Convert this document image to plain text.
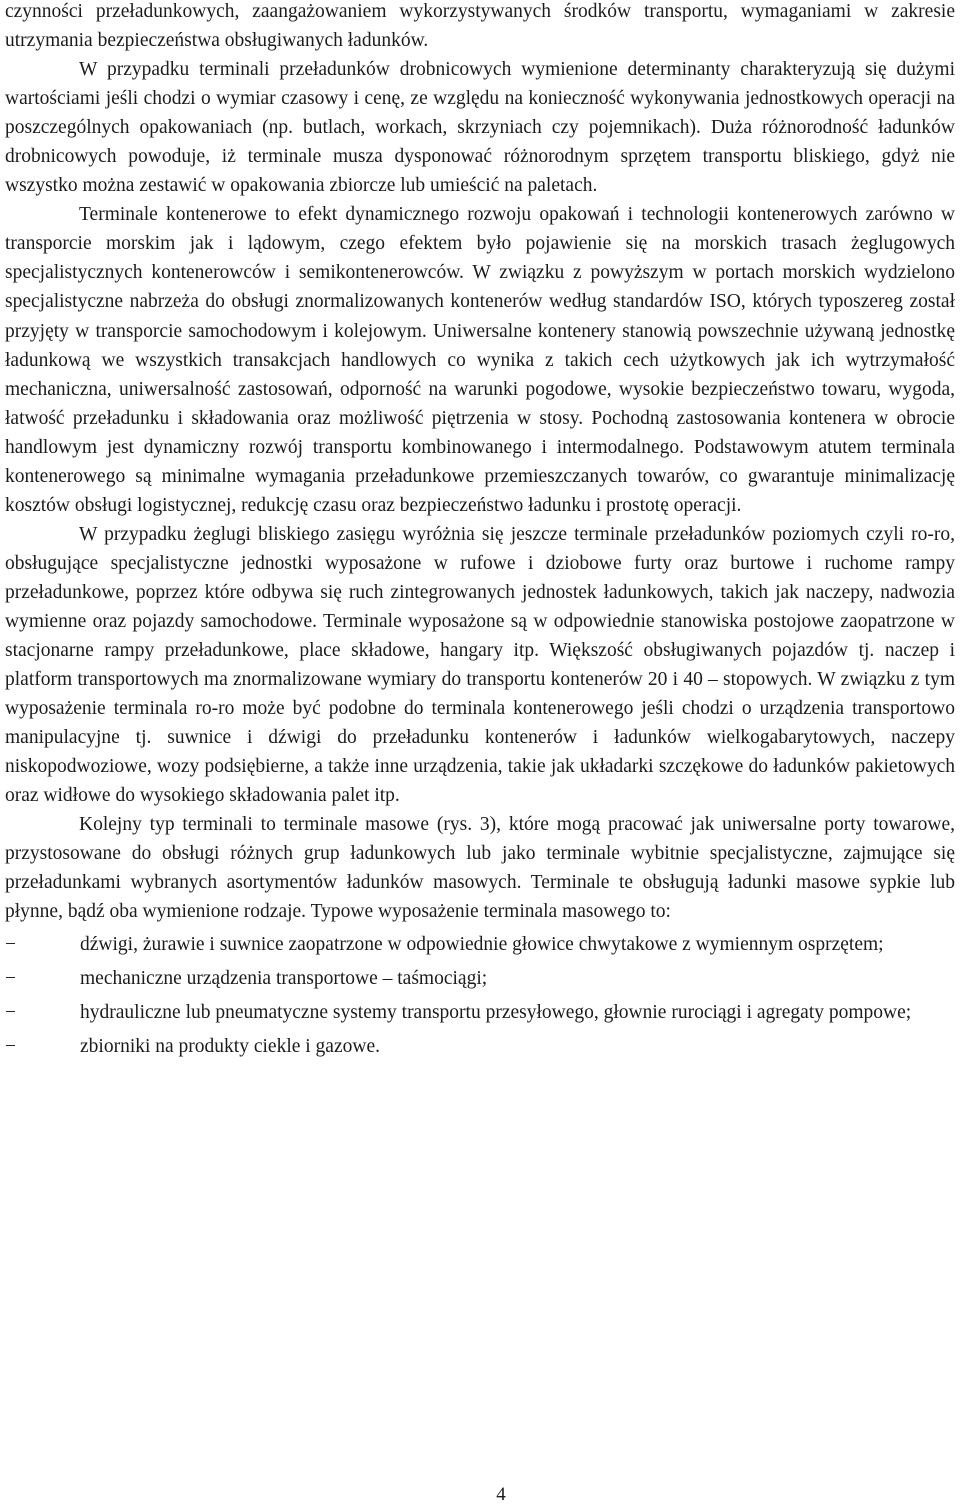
czynności przeładunkowych, zaangażowaniem wykorzystywanych środków transportu, wymaganiami w zakresie utrzymania bezpieczeństwa obsługiwanych ładunków.

W przypadku terminali przeładunków drobnicowych wymienione determinanty charakteryzują się dużymi wartościami jeśli chodzi o wymiar czasowy i cenę, ze względu na konieczność wykonywania jednostkowych operacji na poszczególnych opakowaniach (np. butlach, workach, skrzyniach czy pojemnikach). Duża różnorodność ładunków drobnicowych powoduje, iż terminale musza dysponować różnorodnym sprzętem transportu bliskiego, gdyż nie wszystko można zestawić w opakowania zbiorcze lub umieścić na paletach.

Terminale kontenerowe to efekt dynamicznego rozwoju opakowań i technologii kontenerowych zarówno w transporcie morskim jak i lądowym, czego efektem było pojawienie się na morskich trasach żeglugowych specjalistycznych kontenerowców i semikontenerowców. W związku z powyższym w portach morskich wydzielono specjalistyczne nabrzeża do obsługi znormalizowanych kontenerów według standardów ISO, których typoszereg został przyjęty w transporcie samochodowym i kolejowym. Uniwersalne kontenery stanowią powszechnie używaną jednostkę ładunkową we wszystkich transakcjach handlowych co wynika z takich cech użytkowych jak ich wytrzymałość mechaniczna, uniwersalność zastosowań, odporność na warunki pogodowe, wysokie bezpieczeństwo towaru, wygoda, łatwość przeładunku i składowania oraz możliwość piętrzenia w stosy. Pochodną zastosowania kontenera w obrocie handlowym jest dynamiczny rozwój transportu kombinowanego i intermodalnego. Podstawowym atutem terminala kontenerowego są minimalne wymagania przeładunkowe przemieszczanych towarów, co gwarantuje minimalizację kosztów obsługi logistycznej, redukcję czasu oraz bezpieczeństwo ładunku i prostotę operacji.

W przypadku żeglugi bliskiego zasięgu wyróżnia się jeszcze terminale przeładunków poziomych czyli ro-ro, obsługujące specjalistyczne jednostki wyposażone w rufowe i dziobowe furty oraz burtowe i ruchome rampy przeładunkowe, poprzez które odbywa się ruch zintegrowanych jednostek ładunkowych, takich jak naczepy, nadwozia wymienne oraz pojazdy samochodowe. Terminale wyposażone są w odpowiednie stanowiska postojowe zaopatrzone w stacjonarne rampy przeładunkowe, place składowe, hangary itp. Większość obsługiwanych pojazdów tj. naczep i platform transportowych ma znormalizowane wymiary do transportu kontenerów 20 i 40 – stopowych. W związku z tym wyposażenie terminala ro-ro może być podobne do terminala kontenerowego jeśli chodzi o urządzenia transportowo manipulacyjne tj. suwnice i dźwigi do przeładunku kontenerów i ładunków wielkogabarytowych, naczepy niskopodwoziowe, wozy podsiębierne, a także inne urządzenia, takie jak układarki szczękowe do ładunków pakietowych oraz widłowe do wysokiego składowania palet itp.

Kolejny typ terminali to terminale masowe (rys. 3), które mogą pracować jak uniwersalne porty towarowe, przystosowane do obsługi różnych grup ładunkowych lub jako terminale wybitnie specjalistyczne, zajmujące się przeładunkami wybranych asortymentów ładunków masowych. Terminale te obsługują ładunki masowe sypkie lub płynne, bądź oba wymienione rodzaje. Typowe wyposażenie terminala masowego to:

−	dźwigi, żurawie i suwnice zaopatrzone w odpowiednie głowice chwytakowe z wymiennym osprzętem;
−	mechaniczne urządzenia transportowe – taśmociągi;
−	hydrauliczne lub pneumatyczne systemy transportu przesyłowego, głownie rurociągi i agregaty pompowe;
−	zbiorniki na produkty ciekle i gazowe.
4
